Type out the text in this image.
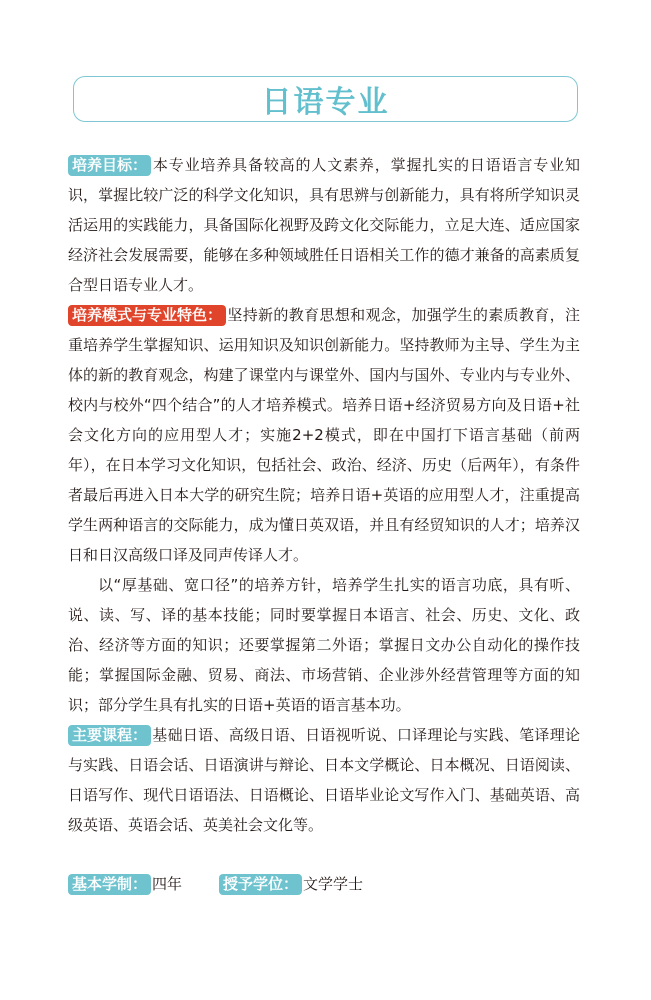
日语专业

培养目标： 本专业培养具备较高的人文素养，掌握扎实的日语语言专业知识，掌握比较广泛的科学文化知识，具有思辨与创新能力，具有将所学知识灵活运用的实践能力，具备国际化视野及跨文化交际能力，立足大连、适应国家经济社会发展需要，能够在多种领域胜任日语相关工作的德才兼备的高素质复合型日语专业人才。

培养模式与专业特色： 坚持新的教育思想和观念，加强学生的素质教育，注重培养学生掌握知识、运用知识及知识创新能力。坚持教师为主导、学生为主体的新的教育观念，构建了课堂内与课堂外、国内与国外、专业内与专业外、校内与校外“四个结合”的人才培养模式。培养日语+经济贸易方向及日语+社会文化方向的应用型人才；实施2+2模式，即在中国打下语言基础（前两年），在日本学习文化知识，包括社会、政治、经济、历史（后两年），有条件者最后再进入日本大学的研究生院；培养日语+英语的应用型人才，注重提高学生两种语言的交际能力，成为懂日英双语，并且有经贸知识的人才；培养汉日和日汉高级口译及同声传译人才。

以“厚基础、宽口径”的培养方针，培养学生扎实的语言功底，具有听、说、读、写、译的基本技能；同时要掌握日本语言、社会、历史、文化、政治、经济等方面的知识；还要掌握第二外语；掌握日文办公自动化的操作技能；掌握国际金融、贸易、商法、市场营销、企业涉外经营管理等方面的知识；部分学生具有扎实的日语+英语的语言基本功。

主要课程： 基础日语、高级日语、日语视听说、口译理论与实践、笔译理论与实践、日语会话、日语演讲与辩论、日本文学概论、日本概况、日语阅读、日语写作、现代日语语法、日语概论、日语毕业论文写作入门、基础英语、高级英语、英语会话、英美社会文化等。

基本学制： 四年	授予学位： 文学学士
